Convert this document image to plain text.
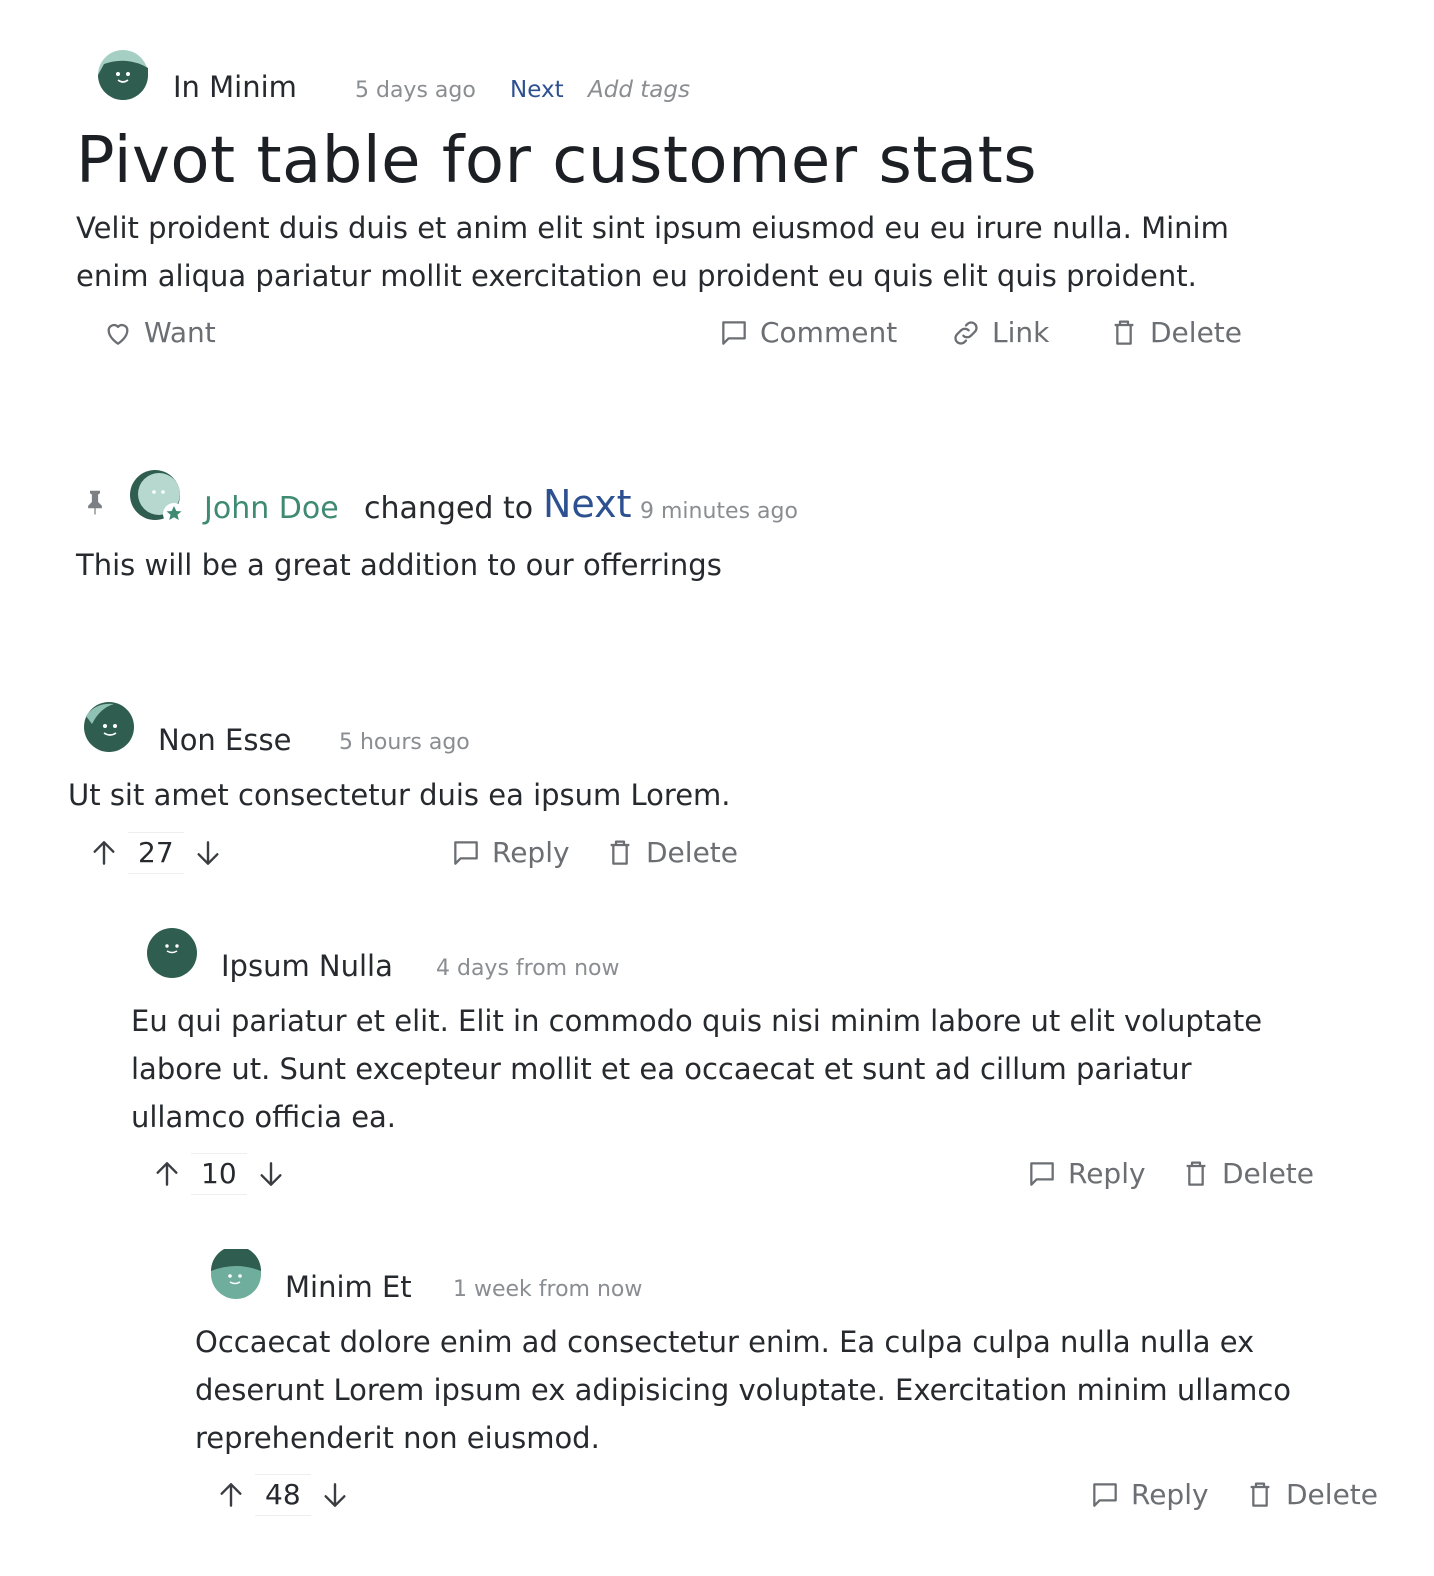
In Minim	5 days ago Next Add tags
Pivot table for customer stats

Velit proident duis duis et anim elit sint ipsum eiusmod eu eu irure nulla. Minim enim aliqua pariatur mollit exercitation eu proident eu quis elit quis proident.

Want	Comment	Link	Delete
John Doe changed to Next 9 minutes ago

This will be a great addition to our offerrings

Non Esse 5 hours ago

Ut sit amet consectetur duis ea ipsum Lorem.

27	Reply	Delete
Ipsum Nulla 4 days from now

Eu qui pariatur et elit. Elit in commodo quis nisi minim labore ut elit voluptate labore ut. Sunt excepteur mollit et ea occaecat et sunt ad cillum pariatur ullamco officia ea.

10	Reply	Delete
Minim Et 1 week from now

Occaecat dolore enim ad consectetur enim. Ea culpa culpa nulla nulla ex deserunt Lorem ipsum ex adipisicing voluptate. Exercitation minim ullamco reprehenderit non eiusmod.

48	Reply	Delete
